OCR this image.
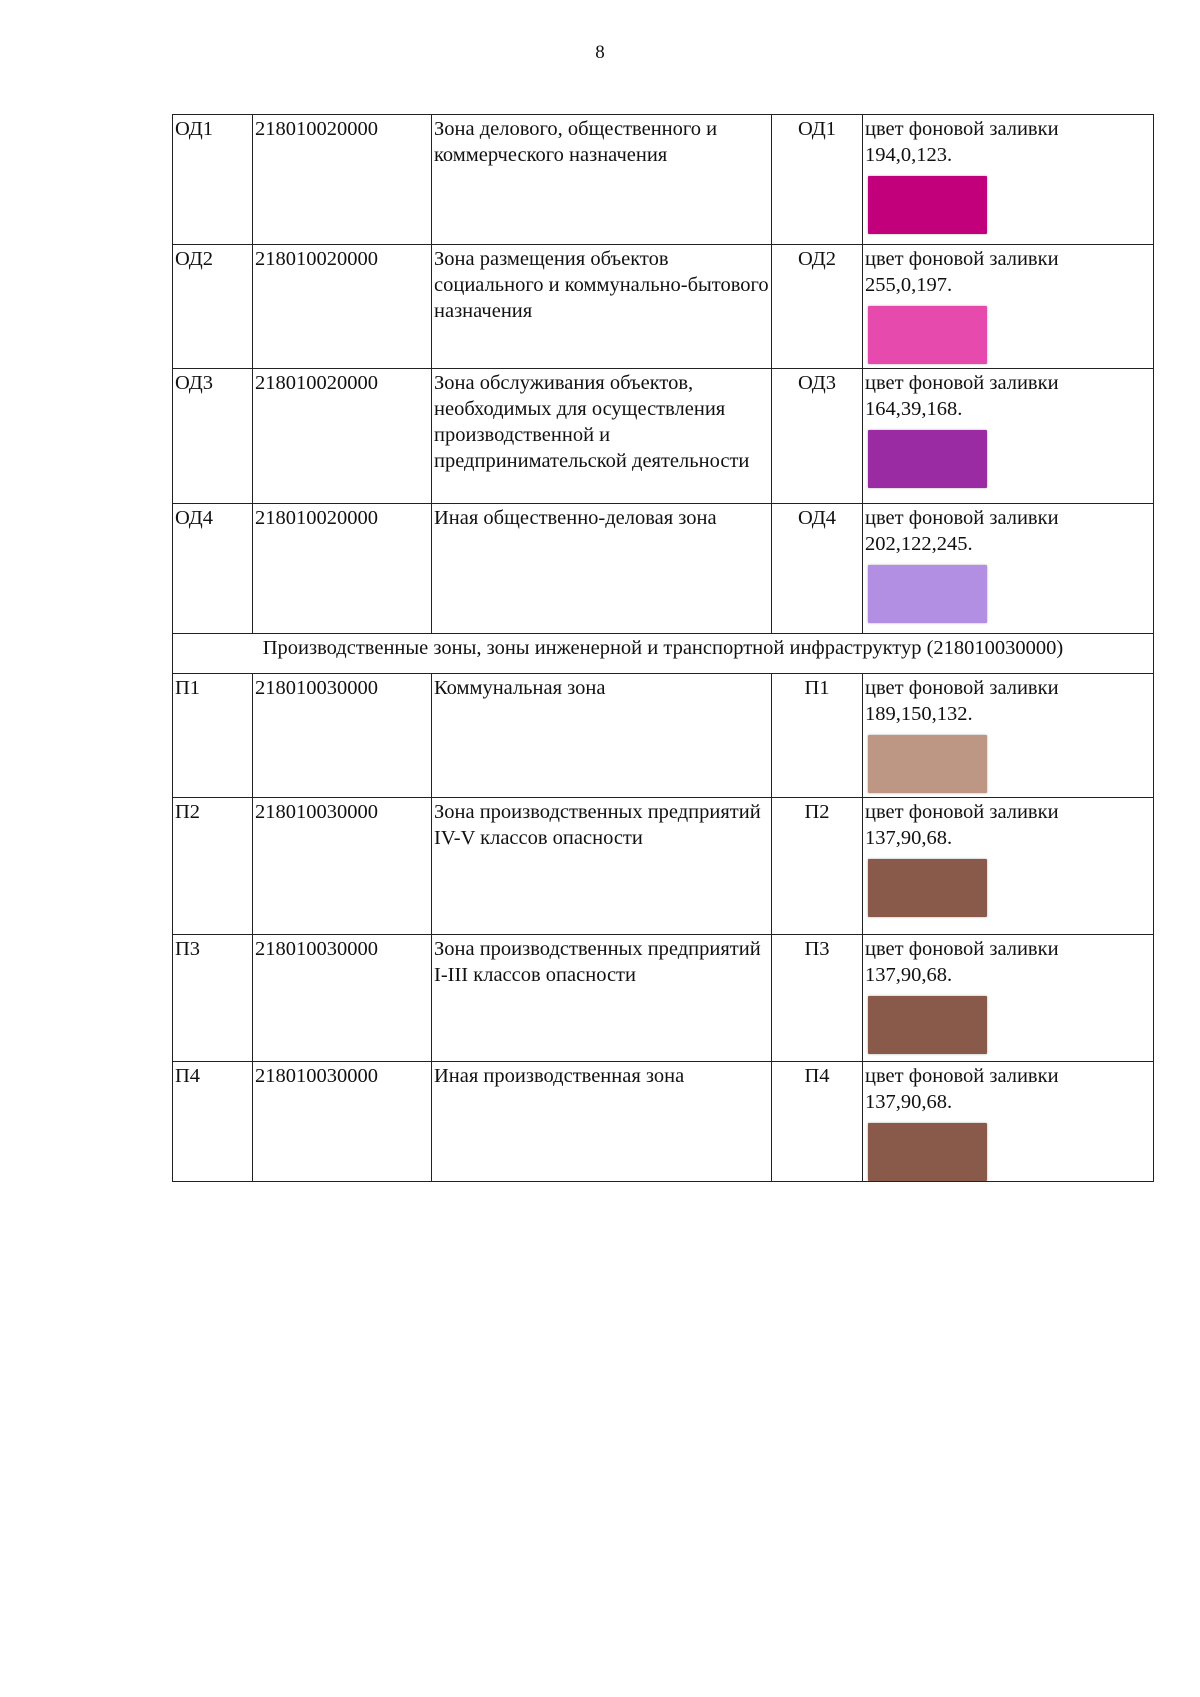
8
ОД1	218010020000	Зона делового, общественного и коммерческого назначения	ОД1	цвет фоновой заливки
194,0,123.

ОД2	218010020000	Зона размещения объектов социального и коммунально-бытового назначения	ОД2	цвет фоновой заливки
255,0,197.

ОД3	218010020000	Зона обслуживания объектов, необходимых для осуществления производственной и предпринимательской деятельности	ОД3	цвет фоновой заливки
164,39,168.

ОД4	218010020000	Иная общественно-деловая зона	ОД4	цвет фоновой заливки
202,122,245.

Производственные зоны, зоны инженерной и транспортной инфраструктур (218010030000)				
П1	218010030000	Коммунальная зона	П1	цвет фоновой заливки
189,150,132.

П2	218010030000	Зона производственных предприятий IV-V классов опасности	П2	цвет фоновой заливки
137,90,68.

П3	218010030000	Зона производственных предприятий I-III классов опасности	П3	цвет фоновой заливки
137,90,68.

П4	218010030000	Иная производственная зона	П4	цвет фоновой заливки
137,90,68.
